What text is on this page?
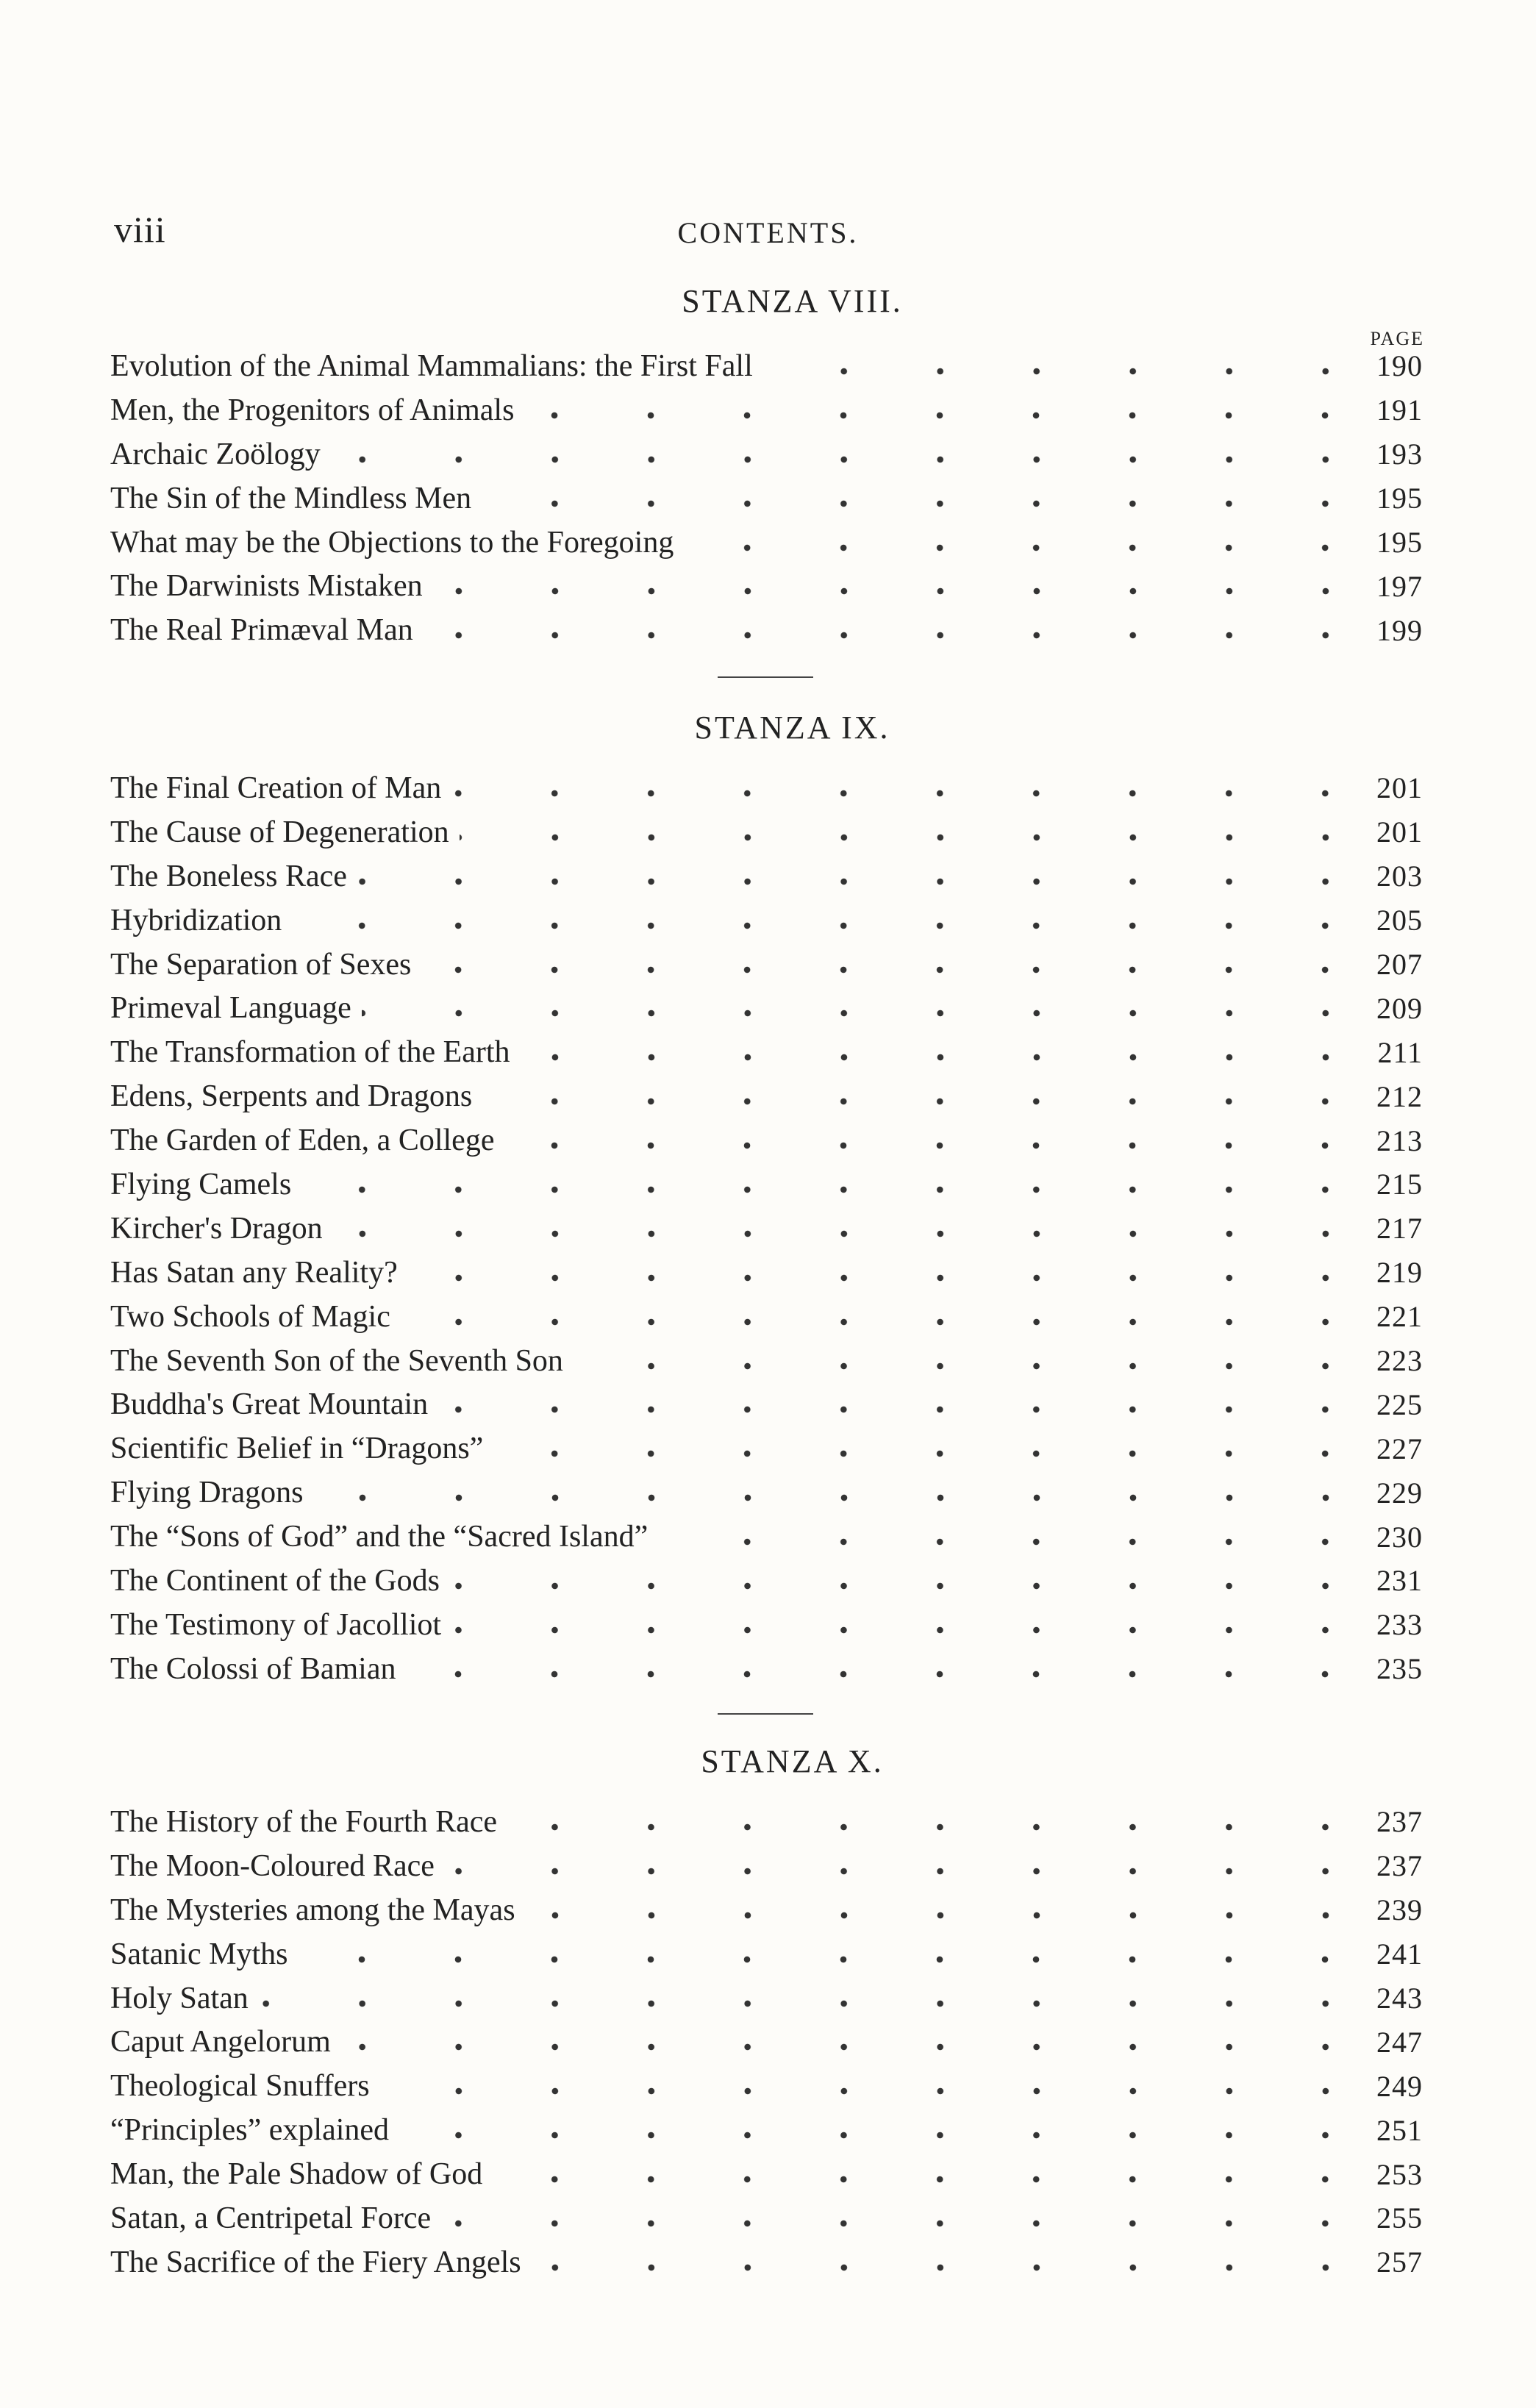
viii	CONTENTS.
STANZA VIII.
PAGE
Evolution of the Animal Mammalians: the First Fall	190
Men, the Progenitors of Animals	191
Archaic Zoölogy	193
The Sin of the Mindless Men	195
What may be the Objections to the Foregoing	195
The Darwinists Mistaken	197
The Real Primæval Man	199
STANZA IX.
The Final Creation of Man	201
The Cause of Degeneration	201
The Boneless Race	203
Hybridization	205
The Separation of Sexes	207
Primeval Language	209
The Transformation of the Earth	211
Edens, Serpents and Dragons	212
The Garden of Eden, a College	213
Flying Camels	215
Kircher's Dragon	217
Has Satan any Reality?	219
Two Schools of Magic	221
The Seventh Son of the Seventh Son	223
Buddha's Great Mountain	225
Scientific Belief in “Dragons”	227
Flying Dragons	229
The “Sons of God” and the “Sacred Island”	230
The Continent of the Gods	231
The Testimony of Jacolliot	233
The Colossi of Bamian	235
STANZA X.
The History of the Fourth Race	237
The Moon-Coloured Race	237
The Mysteries among the Mayas	239
Satanic Myths	241
Holy Satan	243
Caput Angelorum	247
Theological Snuffers	249
“Principles” explained	251
Man, the Pale Shadow of God	253
Satan, a Centripetal Force	255
The Sacrifice of the Fiery Angels	257
